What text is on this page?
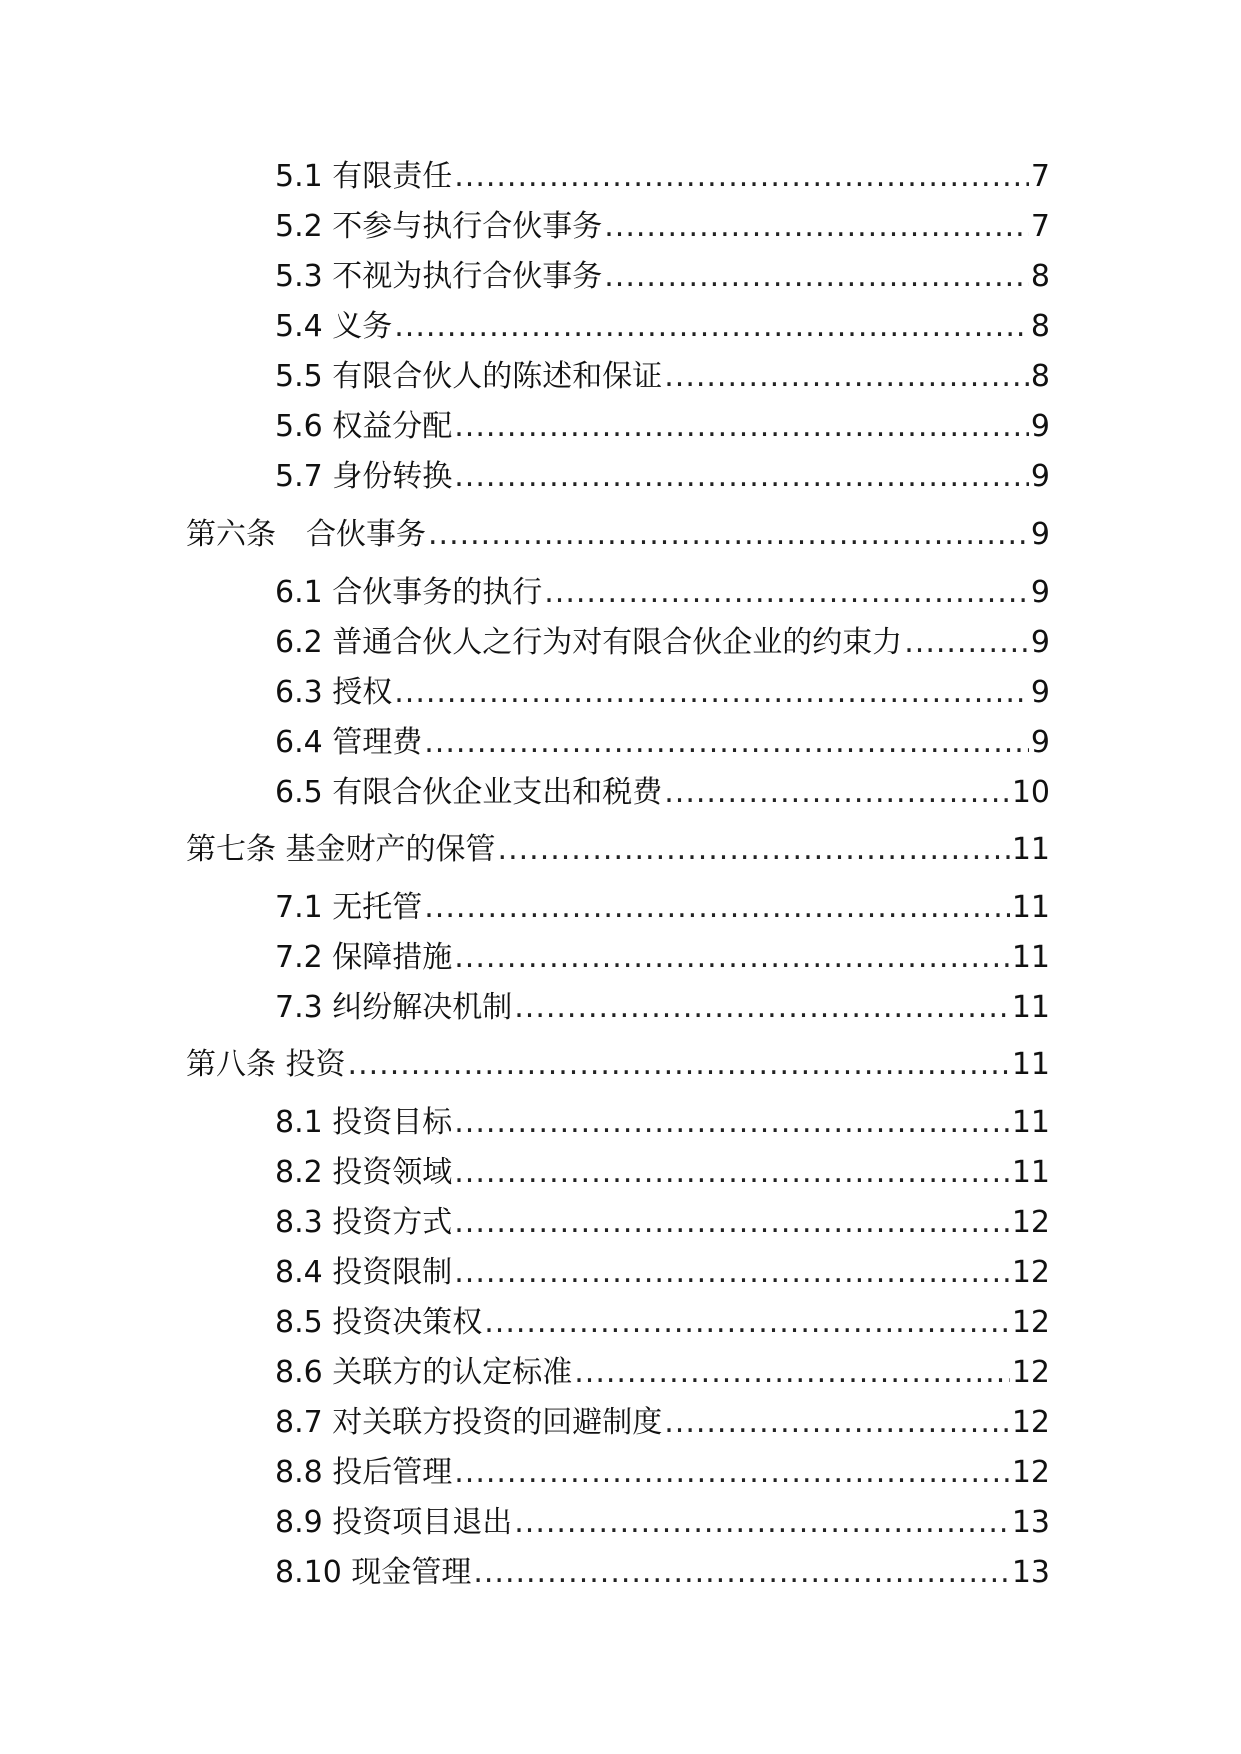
5.1 有限责任 .....	7
5.2 不参与执行合伙事务 .....	7
5.3 不视为执行合伙事务 .....	8
5.4 义务 .....	8
5.5 有限合伙人的陈述和保证 .....	8
5.6 权益分配 .....	9
5.7 身份转换 .....	9
第六条　合伙事务 .....	9
6.1 合伙事务的执行 .....	9
6.2 普通合伙人之行为对有限合伙企业的约束力 .....	9
6.3 授权 .....	9
6.4 管理费 .....	9
6.5 有限合伙企业支出和税费 .....	10
第七条 基金财产的保管 .....	11
7.1 无托管 .....	11
7.2 保障措施 .....	11
7.3 纠纷解决机制 .....	11
第八条 投资 .....	11
8.1 投资目标 .....	11
8.2 投资领域 .....	11
8.3 投资方式 .....	12
8.4 投资限制 .....	12
8.5 投资决策权 .....	12
8.6 关联方的认定标准 .....	12
8.7 对关联方投资的回避制度 .....	12
8.8 投后管理 .....	12
8.9 投资项目退出 .....	13
8.10 现金管理 .....	13
